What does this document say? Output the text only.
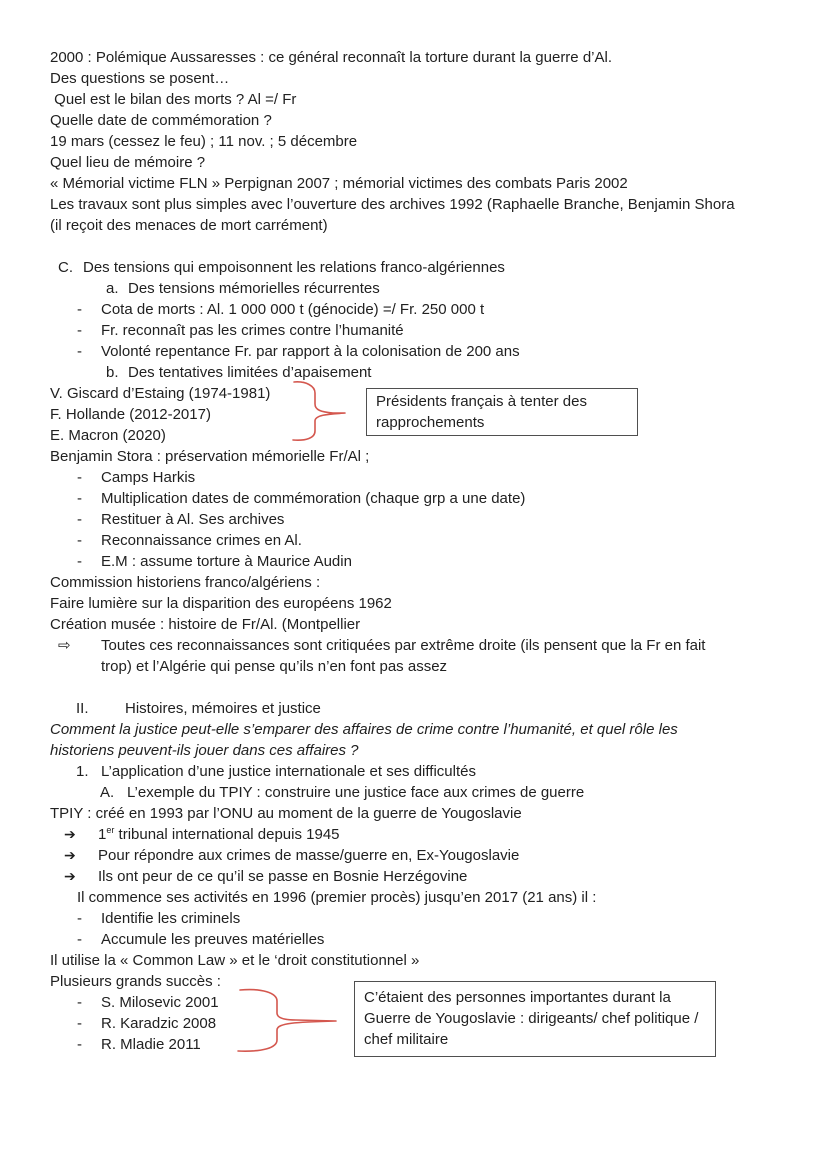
2000 : Polémique Aussaresses : ce général reconnaît la torture durant la guerre d’Al.
Des questions se posent…
Quel est le bilan des morts ? Al =/ Fr
Quelle date de commémoration ?
19 mars (cessez le feu) ; 11 nov. ; 5 décembre
Quel lieu de mémoire ?
« Mémorial victime FLN » Perpignan 2007 ; mémorial victimes des combats Paris 2002
Les travaux sont plus simples avec l’ouverture des archives 1992 (Raphaelle Branche, Benjamin Shora
(il reçoit des menaces de mort carrément)
C. Des tensions qui empoisonnent les relations franco-algériennes
a. Des tensions mémorielles récurrentes
- Cota de morts : Al. 1 000 000 t (génocide) =/ Fr. 250 000 t
- Fr. reconnaît pas les crimes contre l’humanité
- Volonté repentance Fr. par rapport à la colonisation de 200 ans
b. Des tentatives limitées d’apaisement
V. Giscard d’Estaing (1974-1981)
F. Hollande (2012-2017)
E. Macron (2020)
Benjamin Stora : préservation mémorielle Fr/Al ;
- Camps Harkis
- Multiplication dates de commémoration (chaque grp a une date)
- Restituer à Al. Ses archives
- Reconnaissance crimes en Al.
- E.M : assume torture à Maurice Audin
Commission historiens franco/algériens :
Faire lumière sur la disparition des européens 1962
Création musée : histoire de Fr/Al. (Montpellier
⇨ Toutes ces reconnaissances sont critiquées par extrême droite (ils pensent que la Fr en fait
trop) et l’Algérie qui pense qu’ils n’en font pas assez
II. Histoires, mémoires et justice
Comment la justice peut-elle s’emparer des affaires de crime contre l’humanité, et quel rôle les
historiens peuvent-ils jouer dans ces affaires ?
1. L’application d’une justice internationale et ses difficultés
A. L’exemple du TPIY : construire une justice face aux crimes de guerre
TPIY : créé en 1993 par l’ONU au moment de la guerre de Yougoslavie
➔ 1er tribunal international depuis 1945
➔ Pour répondre aux crimes de masse/guerre en, Ex-Yougoslavie
➔ Ils ont peur de ce qu’il se passe en Bosnie Herzégovine
Il commence ses activités en 1996 (premier procès) jusqu’en 2017 (21 ans) il :
- Identifie les criminels
- Accumule les preuves matérielles
Il utilise la « Common Law » et le ‘droit constitutionnel »
Plusieurs grands succès :
- S. Milosevic 2001
- R. Karadzic 2008
- R. Mladie 2011
Présidents français à tenter des rapprochements
C’étaient des personnes importantes durant la Guerre de Yougoslavie : dirigeants/ chef politique / chef militaire
